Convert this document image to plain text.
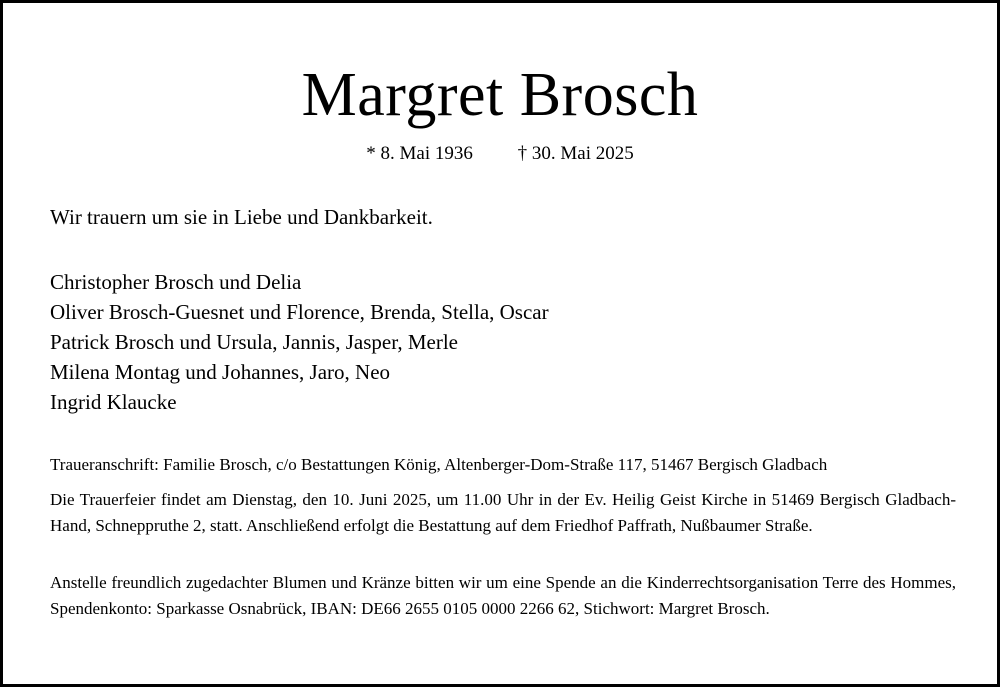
Margret Brosch
* 8. Mai 1936 † 30. Mai 2025
Wir trauern um sie in Liebe und Dankbarkeit.
Christopher Brosch und Delia
Oliver Brosch-Guesnet und Florence, Brenda, Stella, Oscar
Patrick Brosch und Ursula, Jannis, Jasper, Merle
Milena Montag und Johannes, Jaro, Neo
Ingrid Klaucke
Traueranschrift: Familie Brosch, c/o Bestattungen König, Altenberger-Dom-Straße 117, 51467 Bergisch Gladbach
Die Trauerfeier findet am Dienstag, den 10. Juni 2025, um 11.00 Uhr in der Ev. Heilig Geist Kirche in 51469 Bergisch Gladbach-Hand, Schneppruthe 2, statt. Anschließend erfolgt die Bestattung auf dem Friedhof Paffrath, Nußbaumer Straße.
Anstelle freundlich zugedachter Blumen und Kränze bitten wir um eine Spende an die Kinderrechtsorganisation Terre des Hommes, Spendenkonto: Sparkasse Osnabrück, IBAN: DE66 2655 0105 0000 2266 62, Stichwort: Margret Brosch.
